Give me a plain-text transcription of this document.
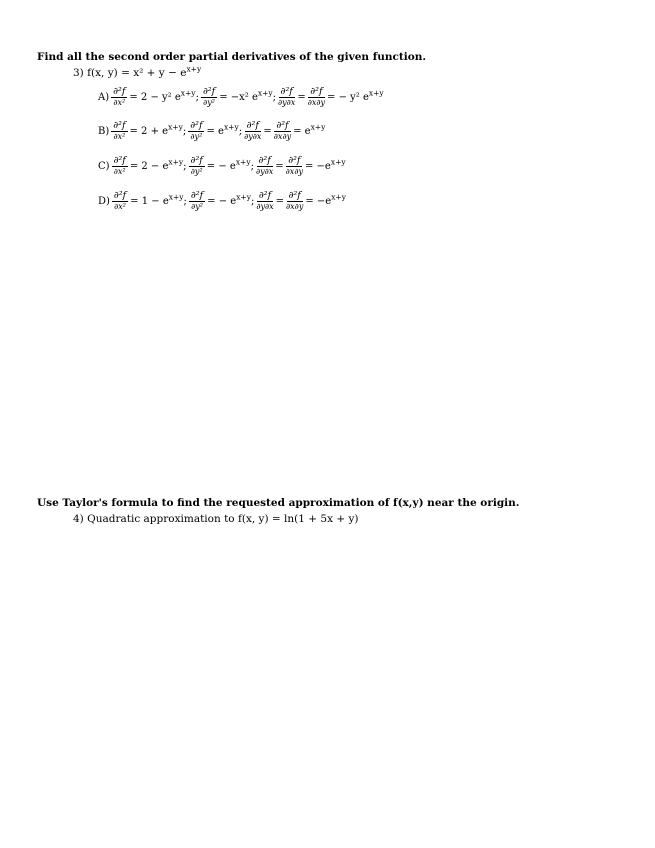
Find all the second order partial derivatives of the given function.
3) f(x, $y) = x^2 + y - e^{x+y}$
$A) \frac{\text{∂²f}}{\text{∂x²}} = 2 - y^2$ $e^{x+y}$; $\frac{\text{∂²f}}{\text{∂y²}} = -x^2$ $e^{x+y}$; $\frac{\text{∂²f}}{\partial y\partial x} = \frac{\text{∂²f}}{\partial x\partial y}$ = − y² $e^{x+y}$
$B) \frac{\text{∂²f}}{\text{∂x²}} = 2 + e^{x+y}$; $\frac{\text{∂²f}}{\text{∂y²}} = e^{x+y}$; $\frac{\text{∂²f}}{\partial y\partial x} = \frac{\text{∂²f}}{\partial x\partial y} = e^{x+y}$
$C) \frac{\text{∂²f}}{\text{∂x²}} = 2 - e^{x+y}$; $\frac{\text{∂²f}}{\text{∂y²}}$ = − $e^{x+y}$; $\frac{\text{∂²f}}{\partial y\partial x} = \frac{\text{∂²f}}{\partial x\partial y} = -e^{x+y}$
$D) \frac{\text{∂²f}}{\text{∂x²}} = 1 - e^{x+y}$; $\frac{\text{∂²f}}{\text{∂y²}}$ = − $e^{x+y}$; $\frac{\text{∂²f}}{\partial y\partial x} = \frac{\text{∂²f}}{\partial x\partial y} = -e^{x+y}$
Use Taylor's formula to find the requested approximation of f(x,y) near the origin.
4) Quadratic approximation to f(x, y) = ln(1 + 5x + y)
